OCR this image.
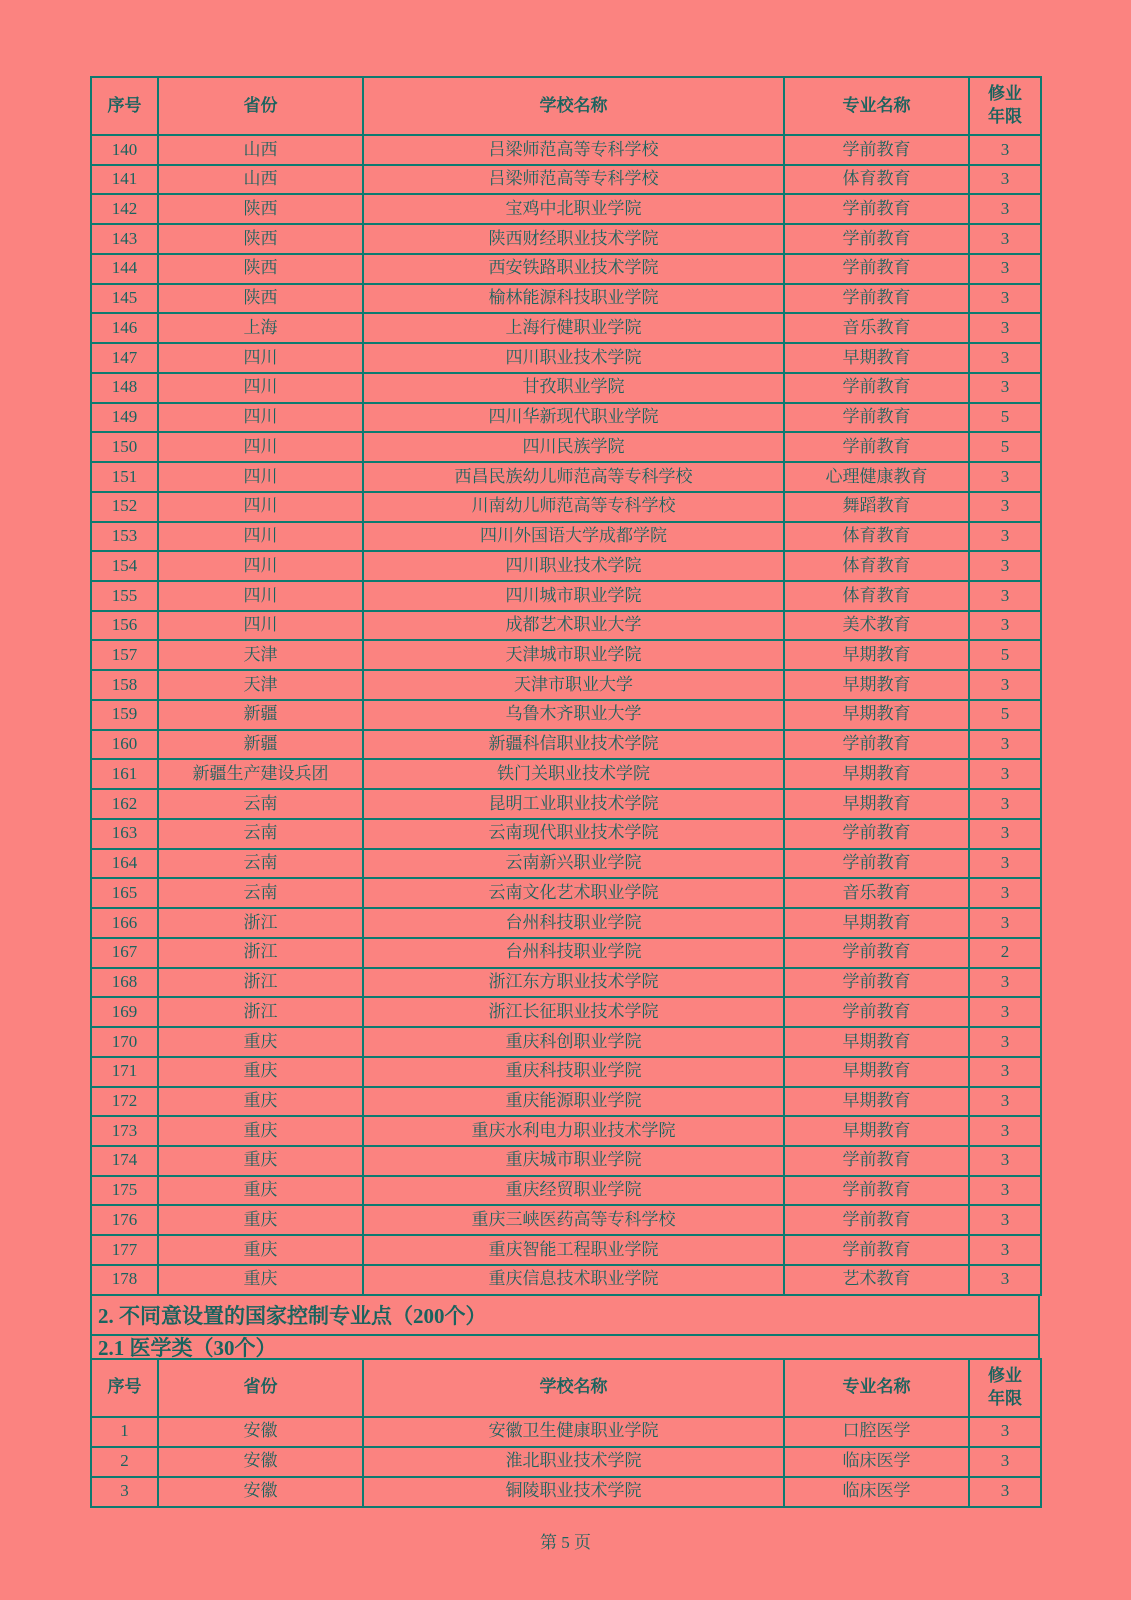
序号	省份	学校名称	专业名称	修业年限
140	山西	吕梁师范高等专科学校	学前教育	3
141	山西	吕梁师范高等专科学校	体育教育	3
142	陕西	宝鸡中北职业学院	学前教育	3
143	陕西	陕西财经职业技术学院	学前教育	3
144	陕西	西安铁路职业技术学院	学前教育	3
145	陕西	榆林能源科技职业学院	学前教育	3
146	上海	上海行健职业学院	音乐教育	3
147	四川	四川职业技术学院	早期教育	3
148	四川	甘孜职业学院	学前教育	3
149	四川	四川华新现代职业学院	学前教育	5
150	四川	四川民族学院	学前教育	5
151	四川	西昌民族幼儿师范高等专科学校	心理健康教育	3
152	四川	川南幼儿师范高等专科学校	舞蹈教育	3
153	四川	四川外国语大学成都学院	体育教育	3
154	四川	四川职业技术学院	体育教育	3
155	四川	四川城市职业学院	体育教育	3
156	四川	成都艺术职业大学	美术教育	3
157	天津	天津城市职业学院	早期教育	5
158	天津	天津市职业大学	早期教育	3
159	新疆	乌鲁木齐职业大学	早期教育	5
160	新疆	新疆科信职业技术学院	学前教育	3
161	新疆生产建设兵团	铁门关职业技术学院	早期教育	3
162	云南	昆明工业职业技术学院	早期教育	3
163	云南	云南现代职业技术学院	学前教育	3
164	云南	云南新兴职业学院	学前教育	3
165	云南	云南文化艺术职业学院	音乐教育	3
166	浙江	台州科技职业学院	早期教育	3
167	浙江	台州科技职业学院	学前教育	2
168	浙江	浙江东方职业技术学院	学前教育	3
169	浙江	浙江长征职业技术学院	学前教育	3
170	重庆	重庆科创职业学院	早期教育	3
171	重庆	重庆科技职业学院	早期教育	3
172	重庆	重庆能源职业学院	早期教育	3
173	重庆	重庆水利电力职业技术学院	早期教育	3
174	重庆	重庆城市职业学院	学前教育	3
175	重庆	重庆经贸职业学院	学前教育	3
176	重庆	重庆三峡医药高等专科学校	学前教育	3
177	重庆	重庆智能工程职业学院	学前教育	3
178	重庆	重庆信息技术职业学院	艺术教育	3
2. 不同意设置的国家控制专业点（200个）
2.1 医学类（30个）
序号	省份	学校名称	专业名称	修业年限
1	安徽	安徽卫生健康职业学院	口腔医学	3
2	安徽	淮北职业技术学院	临床医学	3
3	安徽	铜陵职业技术学院	临床医学	3
第 5 页
